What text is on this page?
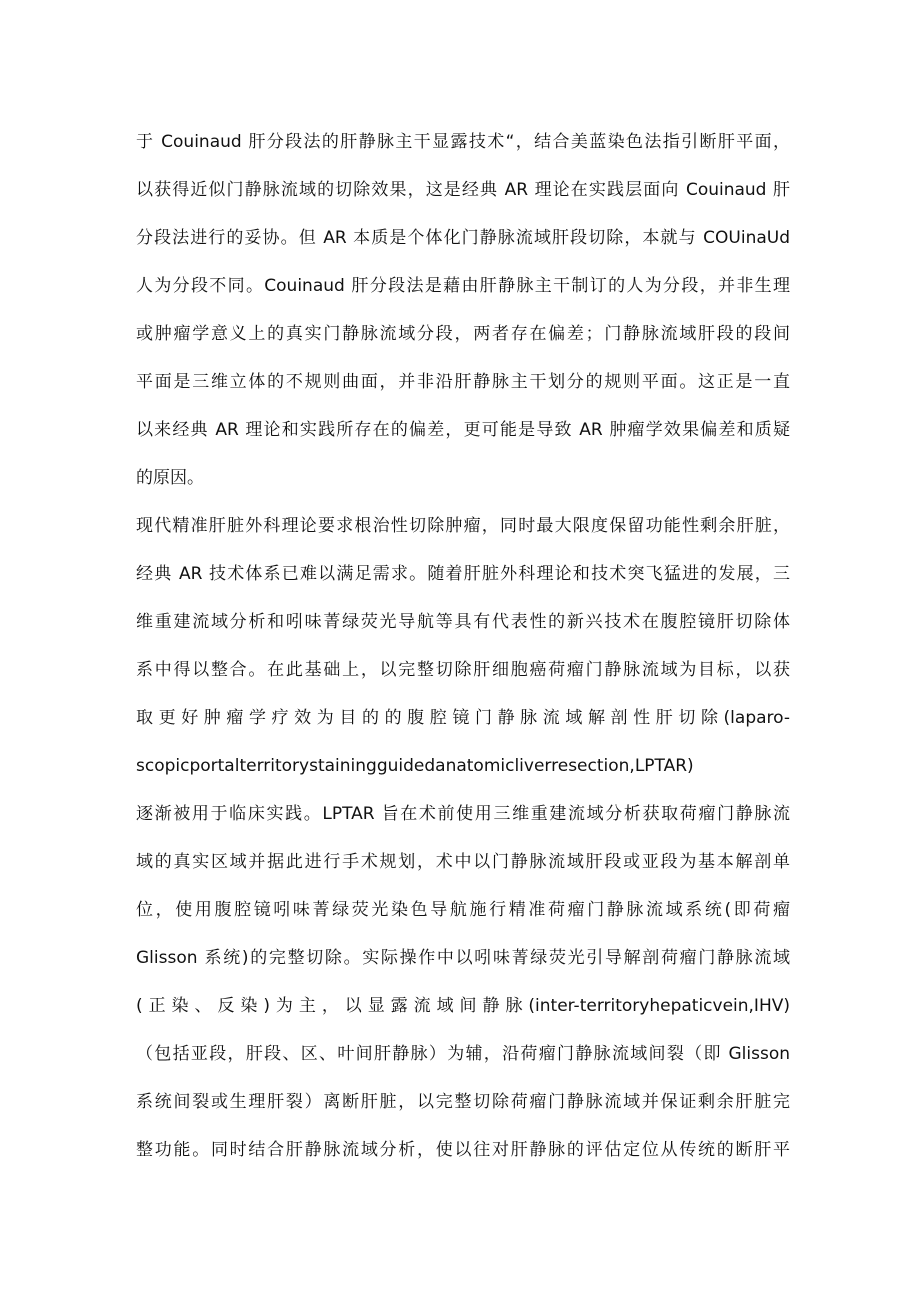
于 Couinaud 肝分段法的肝静脉主干显露技术“，结合美蓝染色法指引断肝平面，
以获得近似门静脉流域的切除效果，这是经典 AR 理论在实践层面向 Couinaud 肝
分段法进行的妥协。但 AR 本质是个体化门静脉流域肝段切除，本就与 COUinaUd
人为分段不同。Couinaud 肝分段法是藉由肝静脉主干制订的人为分段，并非生理
或肿瘤学意义上的真实门静脉流域分段，两者存在偏差；门静脉流域肝段的段间
平面是三维立体的不规则曲面，并非沿肝静脉主干划分的规则平面。这正是一直
以来经典 AR 理论和实践所存在的偏差，更可能是导致 AR 肿瘤学效果偏差和质疑
的原因。
现代精准肝脏外科理论要求根治性切除肿瘤，同时最大限度保留功能性剩余肝脏，
经典 AR 技术体系已难以满足需求。随着肝脏外科理论和技术突飞猛进的发展，三
维重建流域分析和吲味菁绿荧光导航等具有代表性的新兴技术在腹腔镜肝切除体
系中得以整合。在此基础上，以完整切除肝细胞癌荷瘤门静脉流域为目标，以获
取更好肿瘤学疗效为目的的腹腔镜门静脉流域解剖性肝切除(laparo-
scopicportalterritorystainingguidedanatomicliverresection,LPTAR)
逐渐被用于临床实践。LPTAR 旨在术前使用三维重建流域分析获取荷瘤门静脉流
域的真实区域并据此进行手术规划，术中以门静脉流域肝段或亚段为基本解剖单
位，使用腹腔镜吲味菁绿荧光染色导航施行精准荷瘤门静脉流域系统(即荷瘤
Glisson 系统)的完整切除。实际操作中以吲味菁绿荧光引导解剖荷瘤门静脉流域
(正染、反染)为主，以显露流域间静脉(inter-territoryhepaticvein,IHV)
（包括亚段，肝段、区、叶间肝静脉）为辅，沿荷瘤门静脉流域间裂（即 Glisson
系统间裂或生理肝裂）离断肝脏，以完整切除荷瘤门静脉流域并保证剩余肝脏完
整功能。同时结合肝静脉流域分析，使以往对肝静脉的评估定位从传统的断肝平
